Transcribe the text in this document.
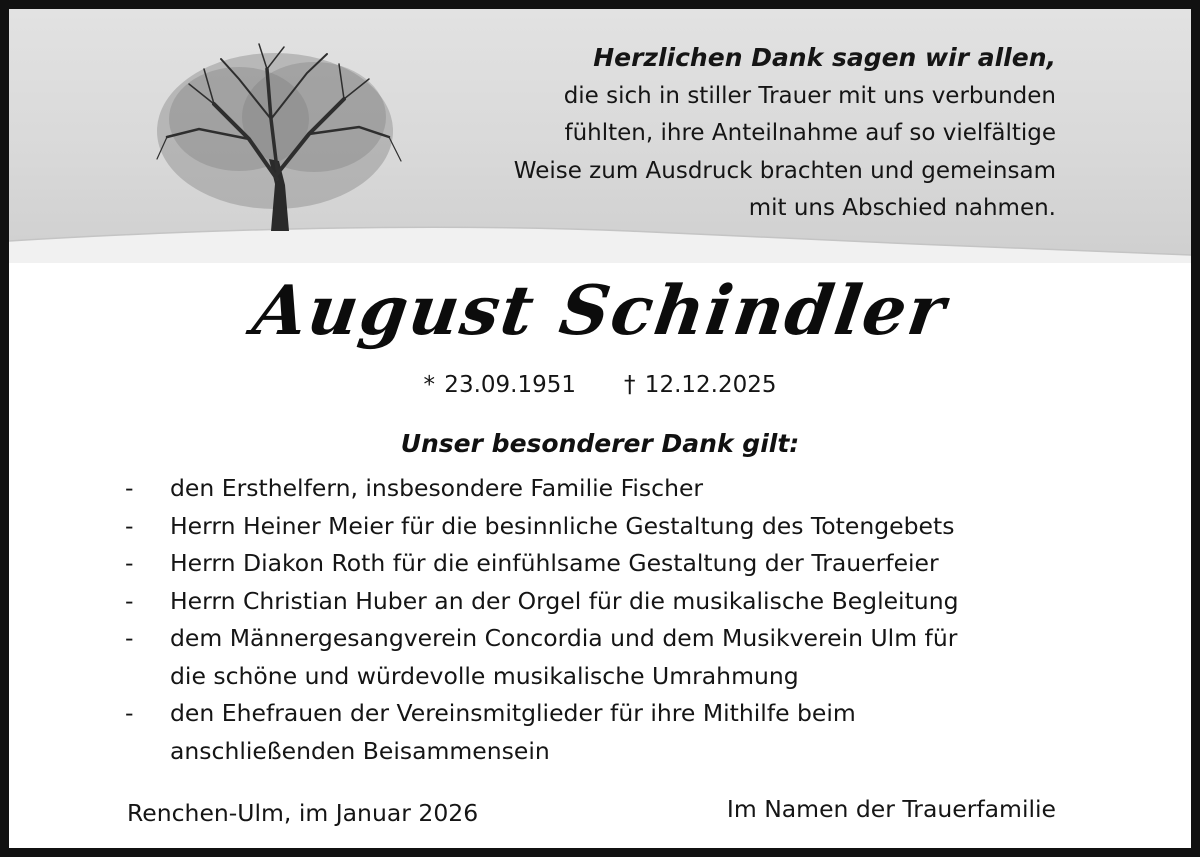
Herzlichen Dank sagen wir allen,
die sich in stiller Trauer mit uns verbunden
fühlten, ihre Anteilnahme auf so vielfältige
Weise zum Ausdruck brachten und gemeinsam
mit uns Abschied nahmen.
August Schindler
* 23.09.1951 † 12.12.2025
Unser besonderer Dank gilt:
-	den Ersthelfern, insbesondere Familie Fischer
-	Herrn Heiner Meier für die besinnliche Gestaltung des Totengebets
-	Herrn Diakon Roth für die einfühlsame Gestaltung der Trauerfeier
-	Herrn Christian Huber an der Orgel für die musikalische Begleitung
-	dem Männergesangverein Concordia und dem Musikverein Ulm für
die schöne und würdevolle musikalische Umrahmung
-	den Ehefrauen der Vereinsmitglieder für ihre Mithilfe beim
anschließenden Beisammensein
Renchen-Ulm, im Januar 2026	Im Namen der Trauerfamilie
